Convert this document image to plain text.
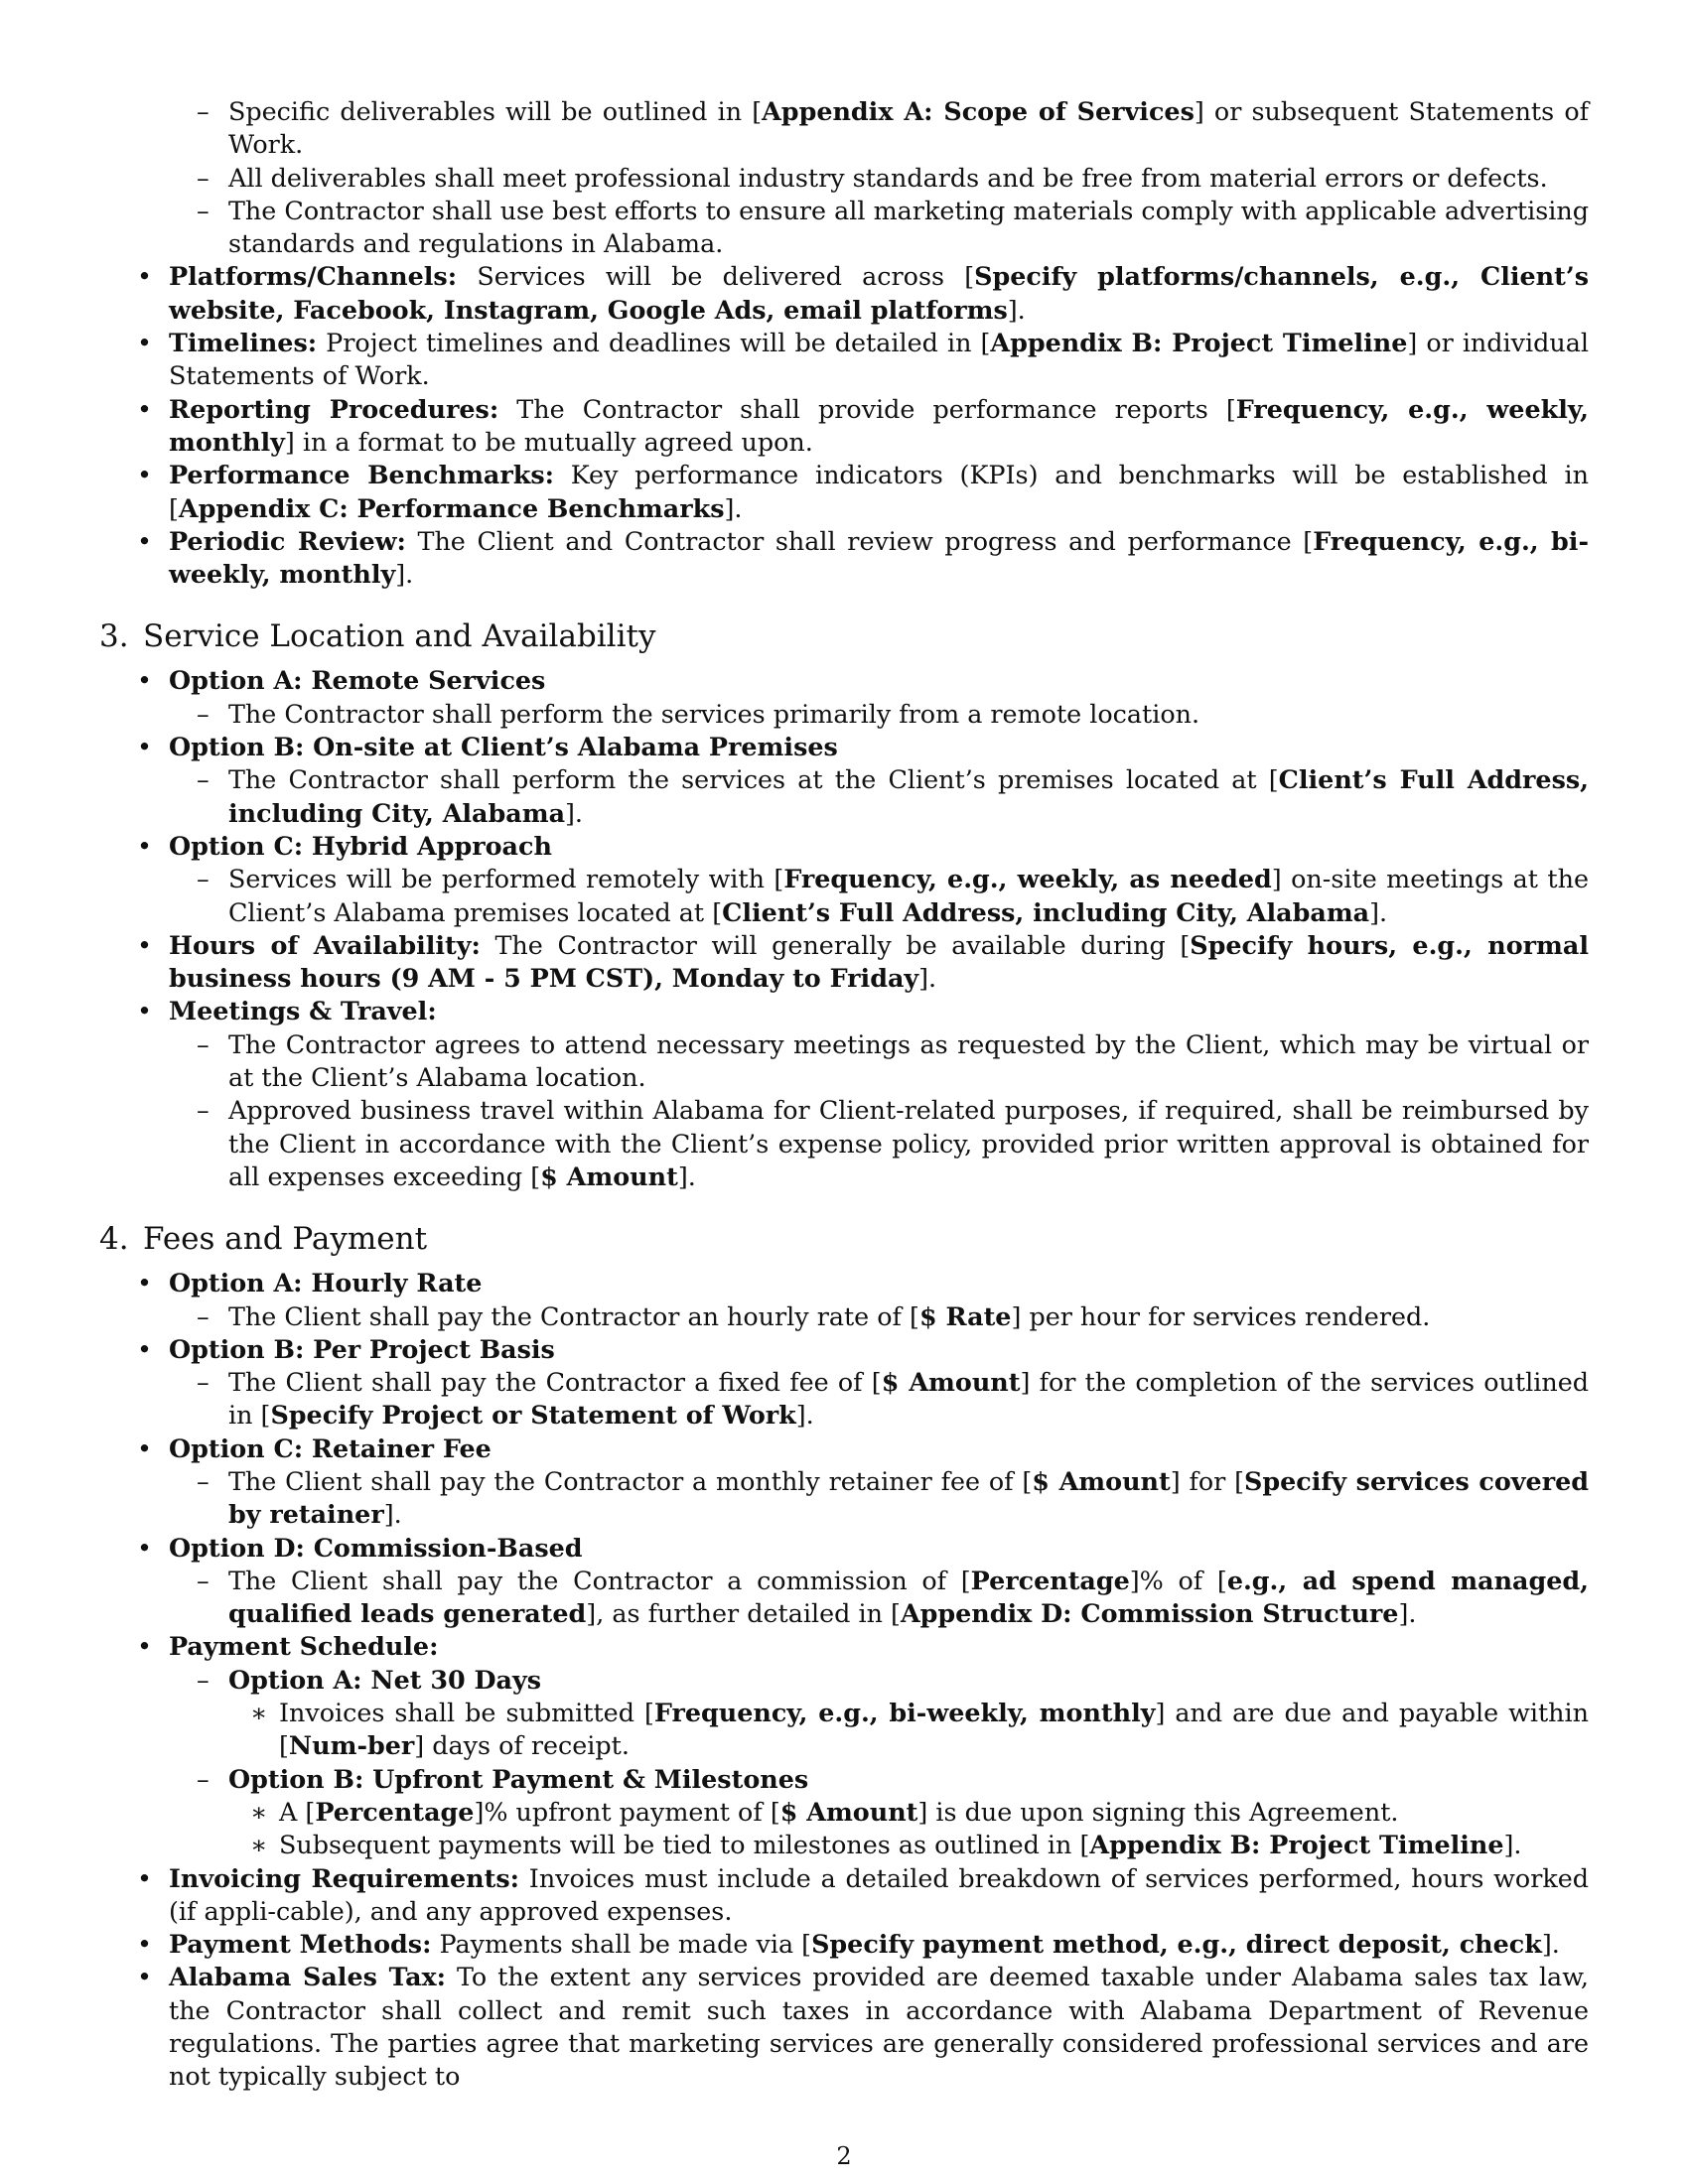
– Specific deliverables will be outlined in [Appendix A: Scope of Services] or subsequent Statements of Work.
– All deliverables shall meet professional industry standards and be free from material errors or defects.
– The Contractor shall use best efforts to ensure all marketing materials comply with applicable advertising standards and regulations in Alabama.
• Platforms/Channels: Services will be delivered across [Specify platforms/channels, e.g., Client’s website, Facebook, Instagram, Google Ads, email platforms].
• Timelines: Project timelines and deadlines will be detailed in [Appendix B: Project Timeline] or individual Statements of Work.
• Reporting Procedures: The Contractor shall provide performance reports [Frequency, e.g., weekly, monthly] in a format to be mutually agreed upon.
• Performance Benchmarks: Key performance indicators (KPIs) and benchmarks will be established in [Appendix C: Performance Benchmarks].
• Periodic Review: The Client and Contractor shall review progress and performance [Frequency, e.g., bi-weekly, monthly].
3. Service Location and Availability
• Option A: Remote Services
– The Contractor shall perform the services primarily from a remote location.
• Option B: On-site at Client’s Alabama Premises
– The Contractor shall perform the services at the Client’s premises located at [Client’s Full Address, including City, Alabama].
• Option C: Hybrid Approach
– Services will be performed remotely with [Frequency, e.g., weekly, as needed] on-site meetings at the Client’s Alabama premises located at [Client’s Full Address, including City, Alabama].
• Hours of Availability: The Contractor will generally be available during [Specify hours, e.g., normal business hours (9 AM - 5 PM CST), Monday to Friday].
• Meetings & Travel:
– The Contractor agrees to attend necessary meetings as requested by the Client, which may be virtual or at the Client’s Alabama location.
– Approved business travel within Alabama for Client-related purposes, if required, shall be reimbursed by the Client in accordance with the Client’s expense policy, provided prior written approval is obtained for all expenses exceeding [$ Amount].
4. Fees and Payment
• Option A: Hourly Rate
– The Client shall pay the Contractor an hourly rate of [$ Rate] per hour for services rendered.
• Option B: Per Project Basis
– The Client shall pay the Contractor a fixed fee of [$ Amount] for the completion of the services outlined in [Specify Project or Statement of Work].
• Option C: Retainer Fee
– The Client shall pay the Contractor a monthly retainer fee of [$ Amount] for [Specify services covered by retainer].
• Option D: Commission-Based
– The Client shall pay the Contractor a commission of [Percentage]% of [e.g., ad spend managed, qualified leads generated], as further detailed in [Appendix D: Commission Structure].
• Payment Schedule:
– Option A: Net 30 Days
∗ Invoices shall be submitted [Frequency, e.g., bi-weekly, monthly] and are due and payable within [Num-ber] days of receipt.
– Option B: Upfront Payment & Milestones
∗ A [Percentage]% upfront payment of [$ Amount] is due upon signing this Agreement.
∗ Subsequent payments will be tied to milestones as outlined in [Appendix B: Project Timeline].
• Invoicing Requirements: Invoices must include a detailed breakdown of services performed, hours worked (if appli-cable), and any approved expenses.
• Payment Methods: Payments shall be made via [Specify payment method, e.g., direct deposit, check].
• Alabama Sales Tax: To the extent any services provided are deemed taxable under Alabama sales tax law, the Contractor shall collect and remit such taxes in accordance with Alabama Department of Revenue regulations. The parties agree that marketing services are generally considered professional services and are not typically subject to
2
